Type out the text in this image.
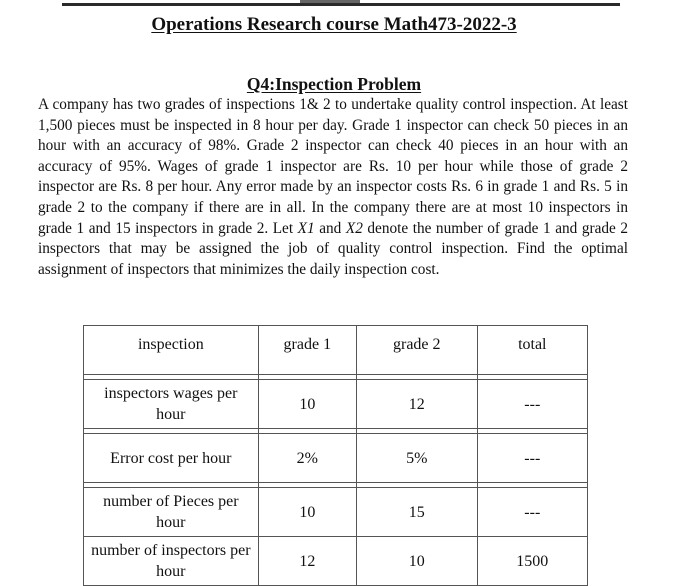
Operations Research course Math473-2022-3
Q4:Inspection Problem
A company has two grades of inspections 1& 2 to undertake quality control inspection. At least 1,500 pieces must be inspected in 8 hour per day. Grade 1 inspector can check 50 pieces in an hour with an accuracy of 98%. Grade 2 inspector can check 40 pieces in an hour with an accuracy of 95%. Wages of grade 1 inspector are Rs. 10 per hour while those of grade 2 inspector are Rs. 8 per hour. Any error made by an inspector costs Rs. 6 in grade 1 and Rs. 5 in grade 2 to the company if there are in all. In the company there are at most 10 inspectors in grade 1 and 15 inspectors in grade 2. Let X1 and X2 denote the number of grade 1 and grade 2 inspectors that may be assigned the job of quality control inspection. Find the optimal assignment of inspectors that minimizes the daily inspection cost.
inspection	grade 1	grade 2	total

inspectors wages per hour	10	12	---

Error cost per hour	2%	5%	---

number of Pieces per hour	10	15	---
number of inspectors per hour	12	10	1500
